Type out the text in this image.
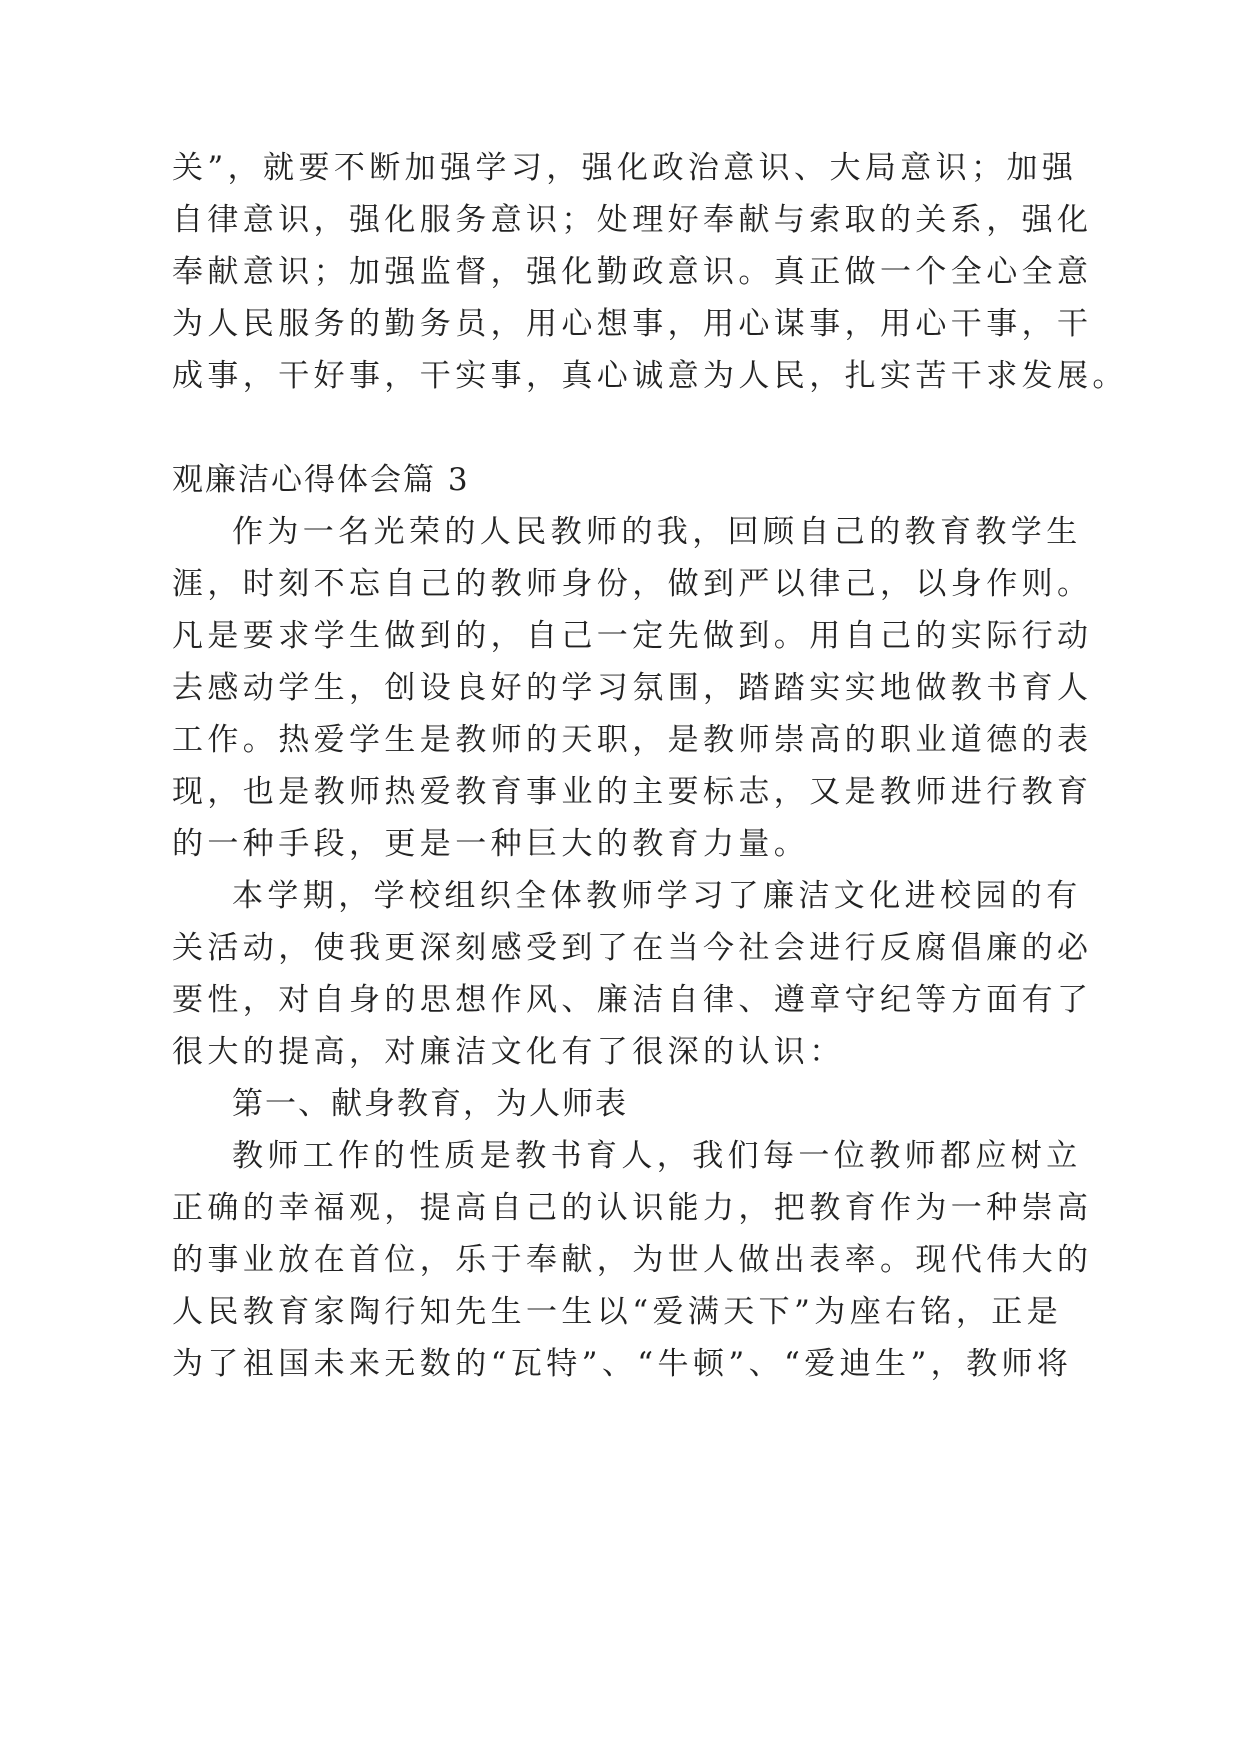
关”，就要不断加强学习，强化政治意识、大局意识；加强
自律意识，强化服务意识；处理好奉献与索取的关系，强化
奉献意识；加强监督，强化勤政意识。真正做一个全心全意
为人民服务的勤务员，用心想事，用心谋事，用心干事，干
成事，干好事，干实事，真心诚意为人民，扎实苦干求发展。
观廉洁心得体会篇 3
作为一名光荣的人民教师的我，回顾自己的教育教学生
涯，时刻不忘自己的教师身份，做到严以律己，以身作则。
凡是要求学生做到的，自己一定先做到。用自己的实际行动
去感动学生，创设良好的学习氛围，踏踏实实地做教书育人
工作。热爱学生是教师的天职，是教师崇高的职业道德的表
现，也是教师热爱教育事业的主要标志，又是教师进行教育
的一种手段，更是一种巨大的教育力量。
本学期，学校组织全体教师学习了廉洁文化进校园的有
关活动，使我更深刻感受到了在当今社会进行反腐倡廉的必
要性，对自身的思想作风、廉洁自律、遵章守纪等方面有了
很大的提高，对廉洁文化有了很深的认识：
第一、献身教育，为人师表
教师工作的性质是教书育人，我们每一位教师都应树立
正确的幸福观，提高自己的认识能力，把教育作为一种崇高
的事业放在首位，乐于奉献，为世人做出表率。现代伟大的
人民教育家陶行知先生一生以“爱满天下”为座右铭，正是
为了祖国未来无数的“瓦特”、“牛顿”、“爱迪生”，教师将
